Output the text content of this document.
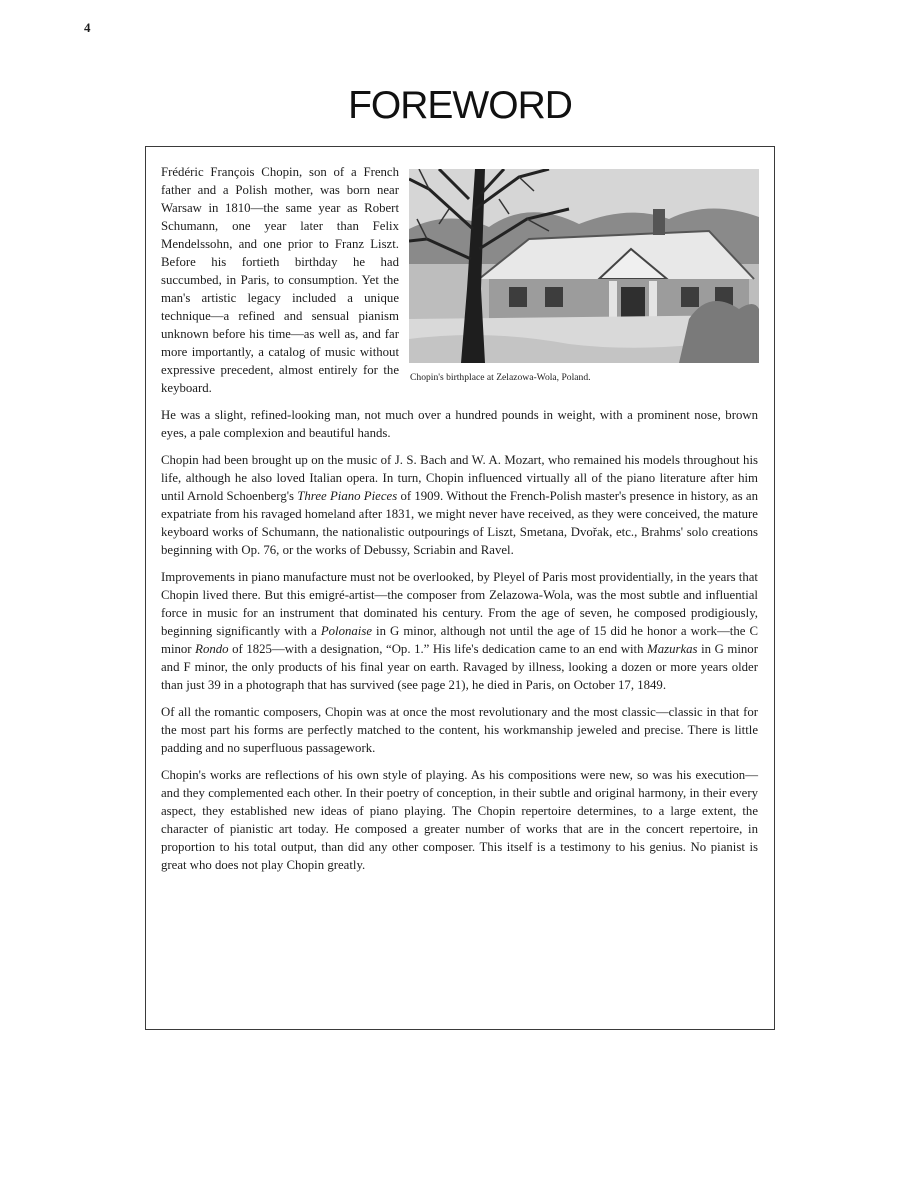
4
FOREWORD
Chopin's birthplace at Zelazowa-Wola, Poland.

Frédéric François Chopin, son of a French father and a Polish mother, was born near Warsaw in 1810—the same year as Robert Schumann, one year later than Felix Mendelssohn, and one prior to Franz Liszt. Before his fortieth birthday he had succumbed, in Paris, to consumption. Yet the man's artistic legacy included a unique technique—a refined and sensual pianism unknown before his time—as well as, and far more importantly, a catalog of music without expressive precedent, almost entirely for the keyboard.

He was a slight, refined-looking man, not much over a hundred pounds in weight, with a prominent nose, brown eyes, a pale complexion and beautiful hands.

Chopin had been brought up on the music of J. S. Bach and W. A. Mozart, who remained his models throughout his life, although he also loved Italian opera. In turn, Chopin influenced virtually all of the piano literature after him until Arnold Schoenberg's Three Piano Pieces of 1909. Without the French-Polish master's presence in history, as an expatriate from his ravaged homeland after 1831, we might never have received, as they were conceived, the mature keyboard works of Schumann, the nationalistic outpourings of Liszt, Smetana, Dvořak, etc., Brahms' solo creations beginning with Op. 76, or the works of Debussy, Scriabin and Ravel.

Improvements in piano manufacture must not be overlooked, by Pleyel of Paris most providentially, in the years that Chopin lived there. But this emigré-artist—the composer from Zelazowa-Wola, was the most subtle and influential force in music for an instrument that dominated his century. From the age of seven, he composed prodigiously, beginning significantly with a Polonaise in G minor, although not until the age of 15 did he honor a work—the C minor Rondo of 1825—with a designation, “Op. 1.” His life's dedication came to an end with Mazurkas in G minor and F minor, the only products of his final year on earth. Ravaged by illness, looking a dozen or more years older than just 39 in a photograph that has survived (see page 21), he died in Paris, on October 17, 1849.

Of all the romantic composers, Chopin was at once the most revolutionary and the most classic—classic in that for the most part his forms are perfectly matched to the content, his workmanship jeweled and precise. There is little padding and no superfluous passagework.

Chopin's works are reflections of his own style of playing. As his compositions were new, so was his execution—and they complemented each other. In their poetry of conception, in their subtle and original harmony, in their every aspect, they established new ideas of piano playing. The Chopin repertoire determines, to a large extent, the character of pianistic art today. He composed a greater number of works that are in the concert repertoire, in proportion to his total output, than did any other composer. This itself is a testimony to his genius. No pianist is great who does not play Chopin greatly.
